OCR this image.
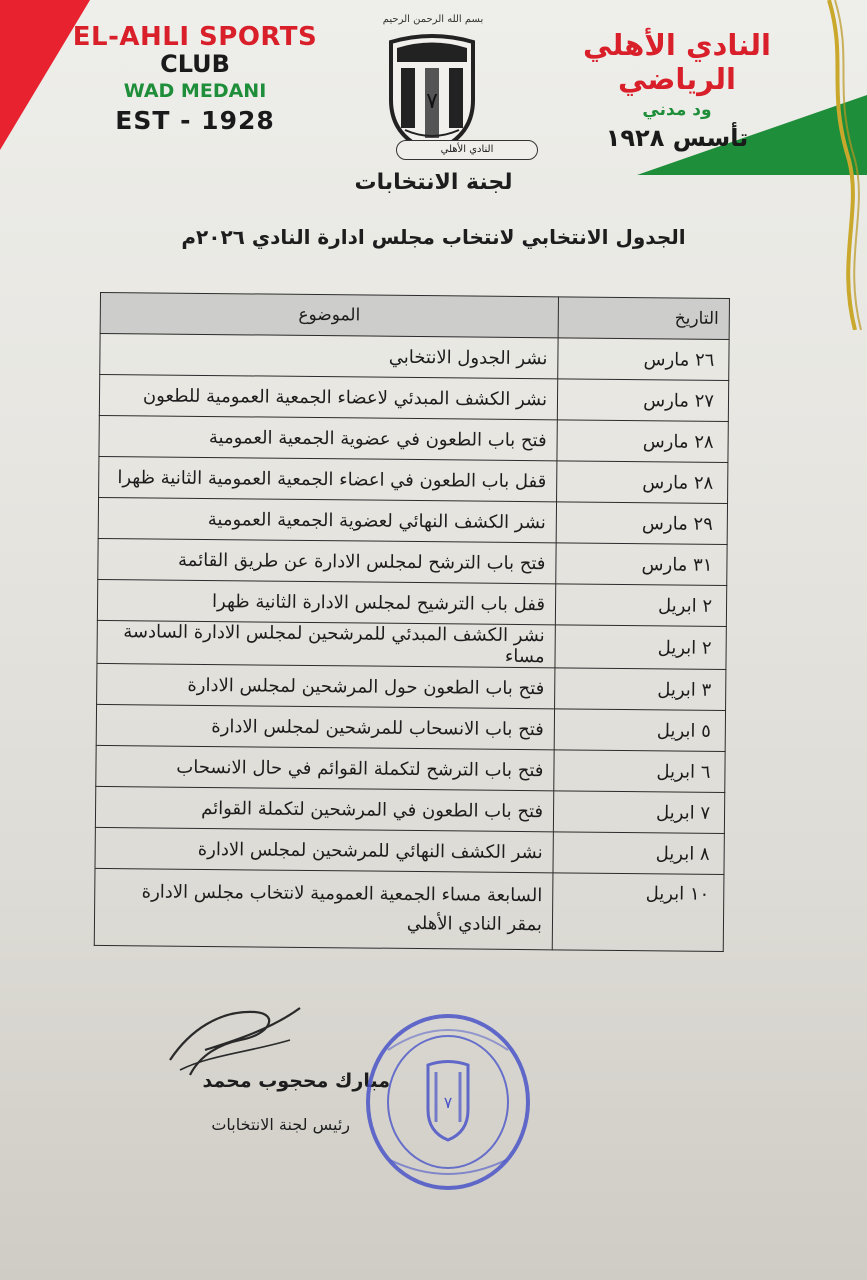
EL-AHLI SPORTS
CLUB
WAD MEDANI
EST - 1928
بسم الله الرحمن الرحيم
٧
النادي الأهلي
النادي الأهلي الرياضي
ود مدني
تأسس ١٩٢٨
لجنة الانتخابات
الجدول الانتخابي لانتخاب مجلس ادارة النادي ٢٠٢٦م
التاريخ	الموضوع
٢٦ مارس	نشر الجدول الانتخابي
٢٧ مارس	نشر الكشف المبدئي لاعضاء الجمعية العمومية للطعون
٢٨ مارس	فتح باب الطعون في عضوية الجمعية العمومية
٢٨ مارس	قفل باب الطعون في اعضاء الجمعية العمومية الثانية ظهرا
٢٩ مارس	نشر الكشف النهائي لعضوية الجمعية العمومية
٣١ مارس	فتح باب الترشح لمجلس الادارة عن طريق القائمة
٢ ابريل	قفل باب الترشيح لمجلس الادارة الثانية ظهرا
٢ ابريل	نشر الكشف المبدئي للمرشحين لمجلس الادارة السادسة مساء
٣ ابريل	فتح باب الطعون حول المرشحين لمجلس الادارة
٥ ابريل	فتح باب الانسحاب للمرشحين لمجلس الادارة
٦ ابريل	فتح باب الترشح لتكملة القوائم في حال الانسحاب
٧ ابريل	فتح باب الطعون في المرشحين لتكملة القوائم
٨ ابريل	نشر الكشف النهائي للمرشحين لمجلس الادارة
١٠ ابريل	السابعة مساء الجمعية العمومية لانتخاب مجلس الادارة بمقر النادي الأهلي
مبارك محجوب محمد
رئيس لجنة الانتخابات
٧
